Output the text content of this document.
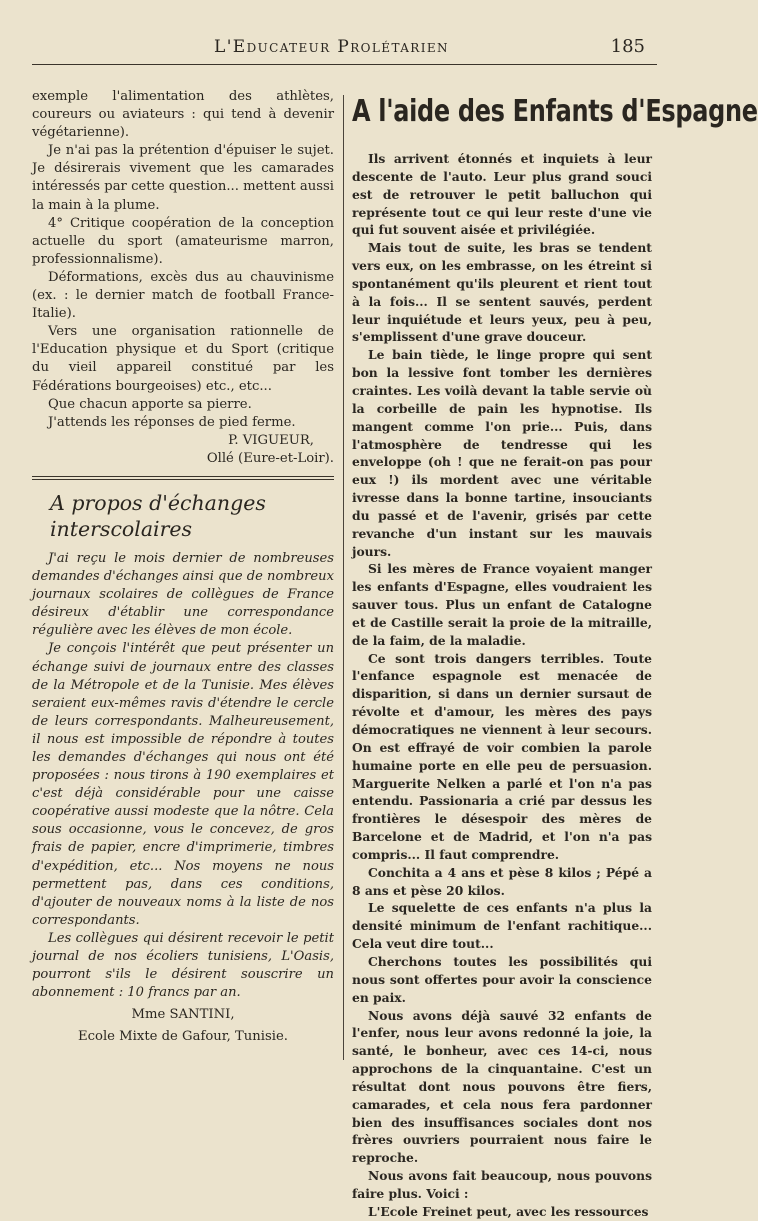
L'Educateur Prolétarien	185

exemple l'alimentation des athlètes, coureurs ou aviateurs : qui tend à devenir végétarienne).

Je n'ai pas la prétention d'épuiser le sujet. Je désirerais vivement que les camarades intéressés par cette question... mettent aussi la main à la plume.

4° Critique coopération de la conception actuelle du sport (amateurisme marron, professionnalisme).

Déformations, excès dus au chauvinisme (ex. : le dernier match de football France-Italie).

Vers une organisation rationnelle de l'Education physique et du Sport (critique du vieil appareil constitué par les Fédérations bourgeoises) etc., etc...

Que chacun apporte sa pierre.

J'attends les réponses de pied ferme.

P. VIGUEUR,

Ollé (Eure-et-Loir).

A propos d'échanges interscolaires

J'ai reçu le mois dernier de nombreuses demandes d'échanges ainsi que de nombreux journaux scolaires de collègues de France désireux d'établir une correspondance régulière avec les élèves de mon école.

Je conçois l'intérêt que peut présenter un échange suivi de journaux entre des classes de la Métropole et de la Tunisie. Mes élèves seraient eux-mêmes ravis d'étendre le cercle de leurs correspondants. Malheureusement, il nous est impossible de répondre à toutes les demandes d'échanges qui nous ont été proposées : nous tirons à 190 exemplaires et c'est déjà considérable pour une caisse coopérative aussi modeste que la nôtre. Cela sous occasionne, vous le concevez, de gros frais de papier, encre d'imprimerie, timbres d'expédition, etc... Nos moyens ne nous permettent pas, dans ces conditions, d'ajouter de nouveaux noms à la liste de nos correspondants.

Les collègues qui désirent recevoir le petit journal de nos écoliers tunisiens, L'Oasis, pourront s'ils le désirent souscrire un abonnement : 10 francs par an.

Mme SANTINI,

Ecole Mixte de Gafour, Tunisie.

A l'aide des Enfants d'Espagne

Ils arrivent étonnés et inquiets à leur descente de l'auto. Leur plus grand souci est de retrouver le petit balluchon qui représente tout ce qui leur reste d'une vie qui fut souvent aisée et privilégiée.

Mais tout de suite, les bras se tendent vers eux, on les embrasse, on les étreint si spontanément qu'ils pleurent et rient tout à la fois... Il se sentent sauvés, perdent leur inquiétude et leurs yeux, peu à peu, s'emplissent d'une grave douceur.

Le bain tiède, le linge propre qui sent bon la lessive font tomber les dernières craintes. Les voilà devant la table servie où la corbeille de pain les hypnotise. Ils mangent comme l'on prie... Puis, dans l'atmosphère de tendresse qui les enveloppe (oh ! que ne ferait-on pas pour eux !) ils mordent avec une véritable ivresse dans la bonne tartine, insouciants du passé et de l'avenir, grisés par cette revanche d'un instant sur les mauvais jours.

Si les mères de France voyaient manger les enfants d'Espagne, elles voudraient les sauver tous. Plus un enfant de Catalogne et de Castille serait la proie de la mitraille, de la faim, de la maladie.

Ce sont trois dangers terribles. Toute l'enfance espagnole est menacée de disparition, si dans un dernier sursaut de révolte et d'amour, les mères des pays démocratiques ne viennent à leur secours. On est effrayé de voir combien la parole humaine porte en elle peu de persuasion. Marguerite Nelken a parlé et l'on n'a pas entendu. Passionaria a crié par dessus les frontières le désespoir des mères de Barcelone et de Madrid, et l'on n'a pas compris... Il faut comprendre.

Conchita a 4 ans et pèse 8 kilos ; Pépé a 8 ans et pèse 20 kilos.

Le squelette de ces enfants n'a plus la densité minimum de l'enfant rachitique... Cela veut dire tout...

Cherchons toutes les possibilités qui nous sont offertes pour avoir la conscience en paix.

Nous avons déjà sauvé 32 enfants de l'enfer, nous leur avons redonné la joie, la santé, le bonheur, avec ces 14-ci, nous approchons de la cinquantaine. C'est un résultat dont nous pouvons être fiers, camarades, et cela nous fera pardonner bien des insuffisances sociales dont nos frères ouvriers pourraient nous faire le reproche.

Nous avons fait beaucoup, nous pouvons faire plus. Voici :

L'Ecole Freinet peut, avec les ressources
